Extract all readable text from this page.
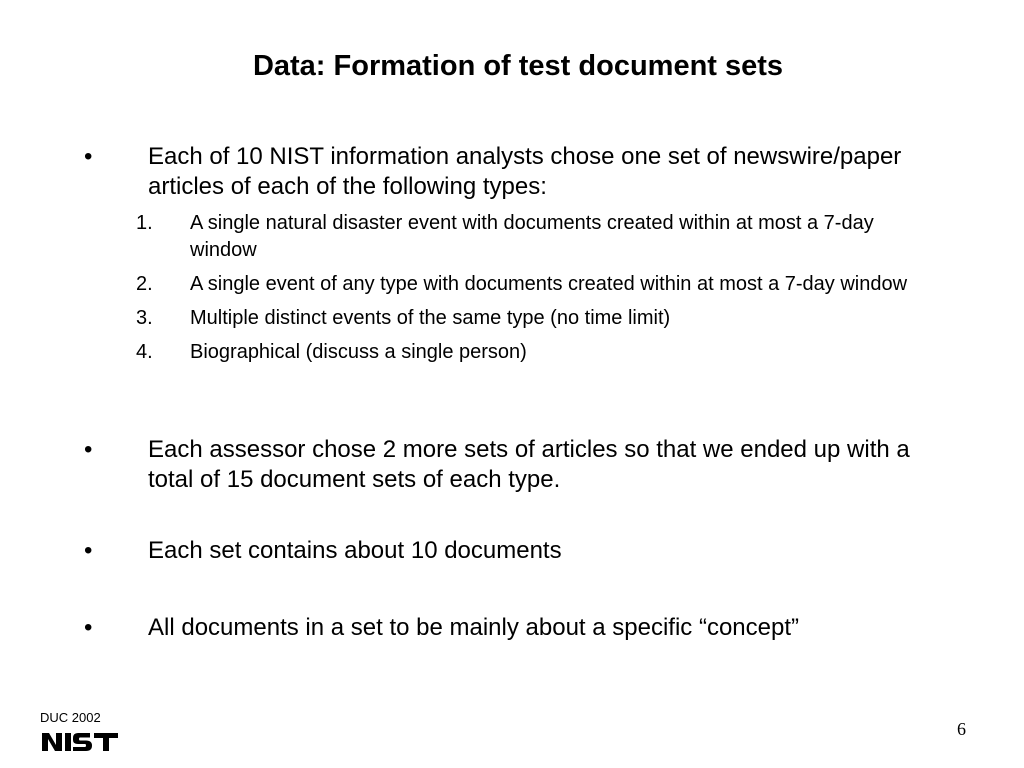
Data: Formation of test document sets
•	Each of 10 NIST information analysts chose one set of newswire/paper articles of each of the following types:
1.	A single natural disaster event with documents created within at most a 7-day window
2.	A single event of any type with documents created within at most a 7-day window
3.	Multiple distinct events of the same type (no time limit)
4.	Biographical (discuss a single person)
•	Each assessor chose 2 more sets of articles so that we ended up with a total of 15 document sets of each type.
•	Each set contains about 10 documents
•	All documents in a set to be mainly about a specific “concept”
DUC 2002
6
